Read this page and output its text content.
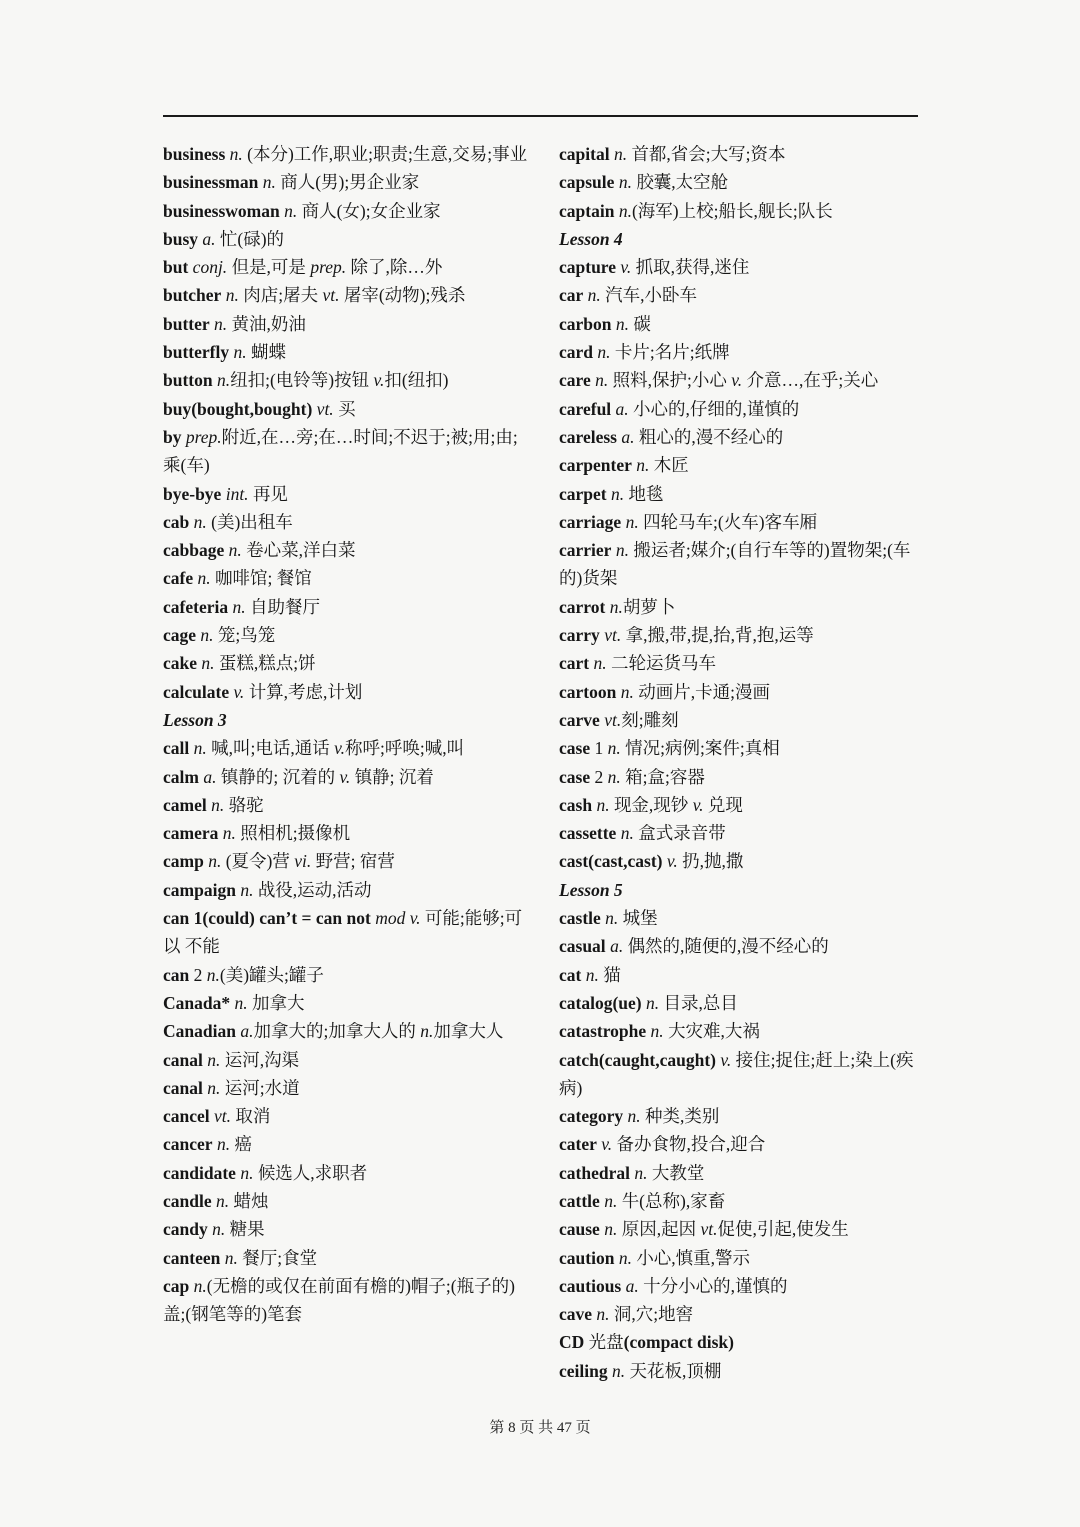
business n. (本分)工作,职业;职责;生意,交易;事业

businessman n. 商人(男);男企业家

businesswoman n. 商人(女);女企业家

busy a. 忙(碌)的

but conj. 但是,可是 prep. 除了,除…外

butcher n. 肉店;屠夫 vt. 屠宰(动物);残杀

butter n. 黄油,奶油

butterfly n. 蝴蝶

button n.纽扣;(电铃等)按钮 v.扣(纽扣)

buy(bought,bought) vt. 买

by prep.附近,在…旁;在…时间;不迟于;被;用;由;乘(车)

bye-bye int. 再见

cab n. (美)出租车

cabbage n. 卷心菜,洋白菜

cafe n. 咖啡馆; 餐馆

cafeteria n. 自助餐厅

cage n. 笼;鸟笼

cake n. 蛋糕,糕点;饼

calculate v. 计算,考虑,计划

Lesson 3

call n. 喊,叫;电话,通话 v.称呼;呼唤;喊,叫

calm a. 镇静的; 沉着的 v. 镇静; 沉着

camel n. 骆驼

camera n. 照相机;摄像机

camp n. (夏令)营 vi. 野营; 宿营

campaign n. 战役,运动,活动

can 1(could) can’t = can not mod v. 可能;能够;可以 不能

can 2 n.(美)罐头;罐子

Canada* n. 加拿大

Canadian a.加拿大的;加拿大人的 n.加拿大人

canal n. 运河,沟渠

canal n. 运河;水道

cancel vt. 取消

cancer n. 癌

candidate n. 候选人,求职者

candle n. 蜡烛

candy n. 糖果

canteen n. 餐厅;食堂

cap n.(无檐的或仅在前面有檐的)帽子;(瓶子的)盖;(钢笔等的)笔套

capital n. 首都,省会;大写;资本

capsule n. 胶囊,太空舱

captain n.(海军)上校;船长,舰长;队长

Lesson 4

capture v. 抓取,获得,迷住

car n. 汽车,小卧车

carbon n. 碳

card n. 卡片;名片;纸牌

care n. 照料,保护;小心 v. 介意…,在乎;关心

careful a. 小心的,仔细的,谨慎的

careless a. 粗心的,漫不经心的

carpenter n. 木匠

carpet n. 地毯

carriage n. 四轮马车;(火车)客车厢

carrier n. 搬运者;媒介;(自行车等的)置物架;(车的)货架

carrot n.胡萝卜

carry vt. 拿,搬,带,提,抬,背,抱,运等

cart n. 二轮运货马车

cartoon n. 动画片,卡通;漫画

carve vt.刻;雕刻

case 1 n. 情况;病例;案件;真相

case 2 n. 箱;盒;容器

cash n. 现金,现钞 v. 兑现

cassette n. 盒式录音带

cast(cast,cast) v. 扔,抛,撒

Lesson 5

castle n. 城堡

casual a. 偶然的,随便的,漫不经心的

cat n. 猫

catalog(ue) n. 目录,总目

catastrophe n. 大灾难,大祸

catch(caught,caught) v. 接住;捉住;赶上;染上(疾病)

category n. 种类,类别

cater v. 备办食物,投合,迎合

cathedral n. 大教堂

cattle n. 牛(总称),家畜

cause n. 原因,起因 vt.促使,引起,使发生

caution n. 小心,慎重,警示

cautious a. 十分小心的,谨慎的

cave n. 洞,穴;地窖

CD 光盘(compact disk)

ceiling n. 天花板,顶棚

第 8 页 共 47 页
